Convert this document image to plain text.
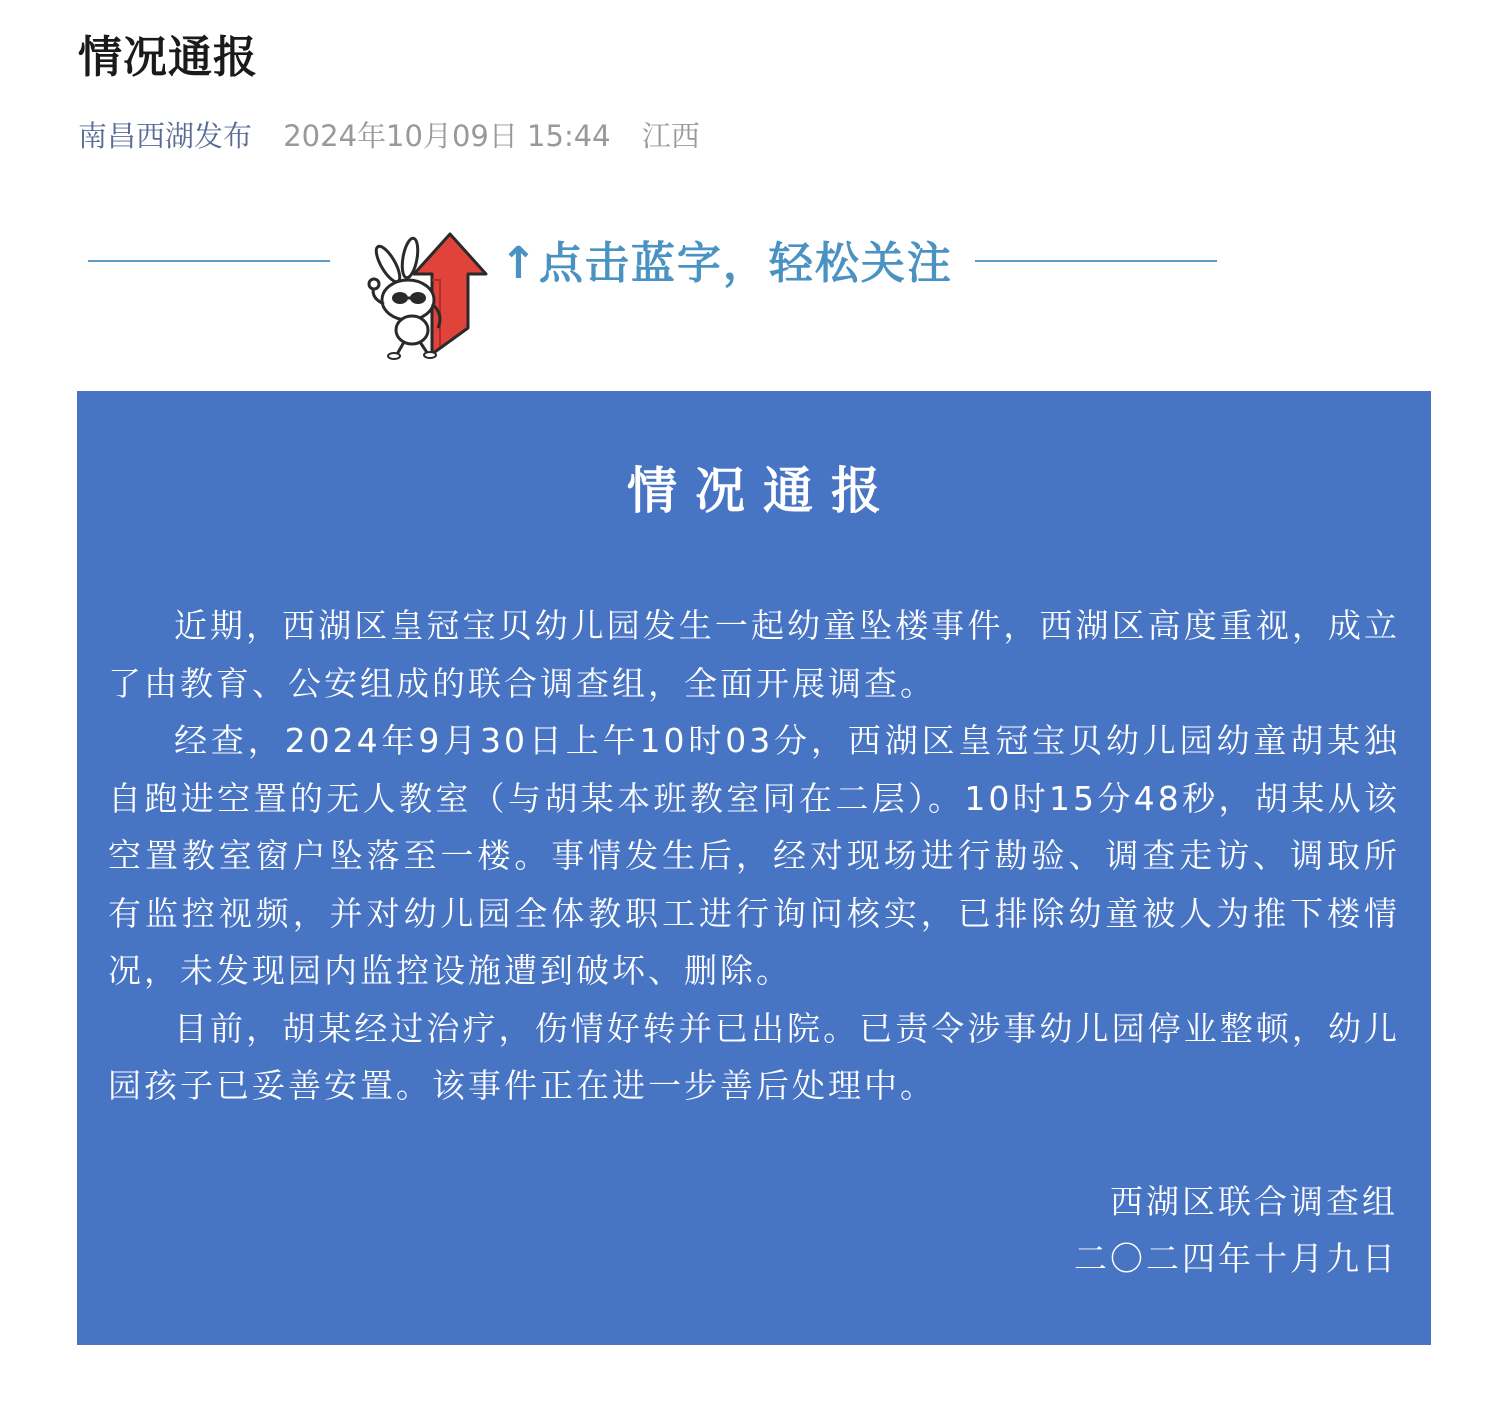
情况通报
南昌西湖发布 2024年10月09日 15:44 江西
↑点击蓝字，轻松关注
情况通报

近期，西湖区皇冠宝贝幼儿园发生一起幼童坠楼事件，西湖区高度重视，成立了由教育、公安组成的联合调查组，全面开展调查。

经查，2024年9月30日上午10时03分，西湖区皇冠宝贝幼儿园幼童胡某独自跑进空置的无人教室（与胡某本班教室同在二层）。10时15分48秒，胡某从该空置教室窗户坠落至一楼。事情发生后，经对现场进行勘验、调查走访、调取所有监控视频，并对幼儿园全体教职工进行询问核实，已排除幼童被人为推下楼情况，未发现园内监控设施遭到破坏、删除。

目前，胡某经过治疗，伤情好转并已出院。已责令涉事幼儿园停业整顿，幼儿园孩子已妥善安置。该事件正在进一步善后处理中。

西湖区联合调查组
二〇二四年十月九日
